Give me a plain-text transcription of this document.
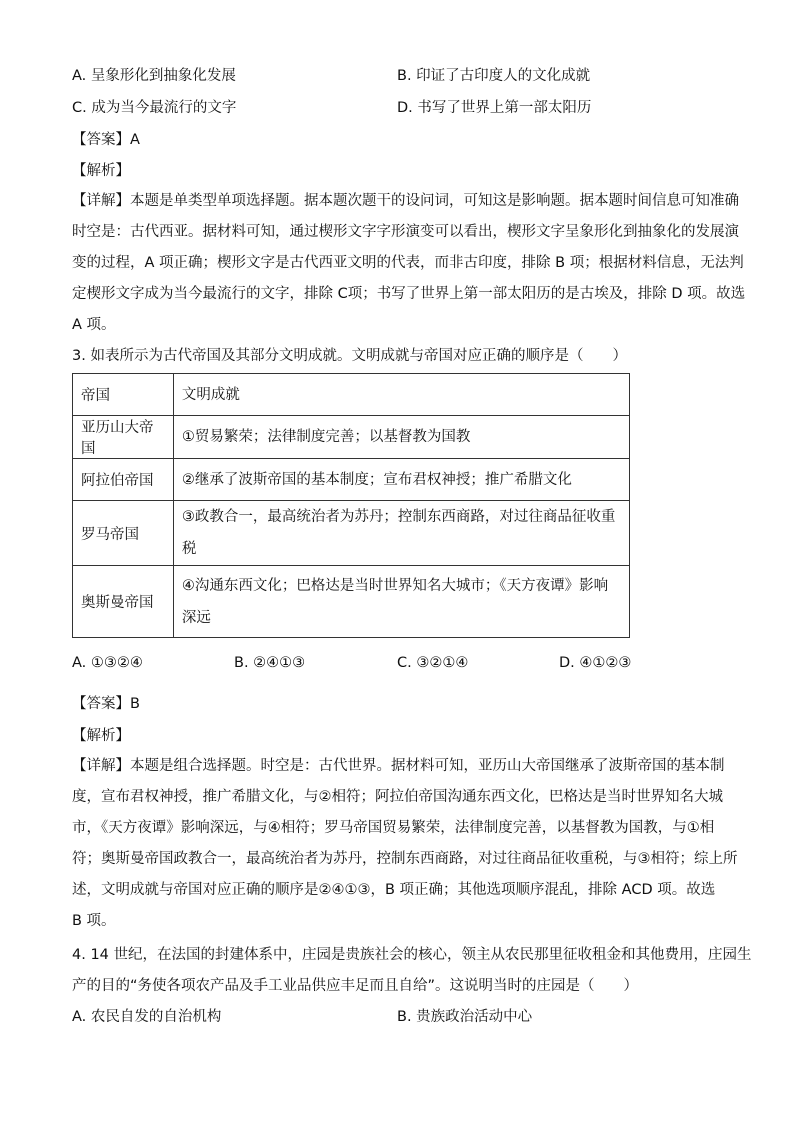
A. 呈象形化到抽象化发展	B. 印证了古印度人的文化成就
C. 成为当今最流行的文字	D. 书写了世界上第一部太阳历
【答案】A
【解析】
【详解】本题是单类型单项选择题。据本题次题干的设问词，可知这是影响题。据本题时间信息可知准确
时空是：古代西亚。据材料可知，通过楔形文字字形演变可以看出，楔形文字呈象形化到抽象化的发展演
变的过程，A 项正确；楔形文字是古代西亚文明的代表，而非古印度，排除 B 项；根据材料信息，无法判
定楔形文字成为当今最流行的文字，排除 C项；书写了世界上第一部太阳历的是古埃及，排除 D 项。故选
A 项。
3. 如表所示为古代帝国及其部分文明成就。文明成就与帝国对应正确的顺序是（　　）
帝国	文明成就
亚历山大帝国	①贸易繁荣；法律制度完善；以基督教为国教
阿拉伯帝国	②继承了波斯帝国的基本制度；宣布君权神授；推广希腊文化
罗马帝国	③政教合一，最高统治者为苏丹；控制东西商路，对过往商品征收重税
奥斯曼帝国	④沟通东西文化；巴格达是当时世界知名大城市；《天方夜谭》影响深远
A. ①③②④	B. ②④①③	C. ③②①④	D. ④①②③
【答案】B
【解析】
【详解】本题是组合选择题。时空是：古代世界。据材料可知，亚历山大帝国继承了波斯帝国的基本制
度，宣布君权神授，推广希腊文化，与②相符；阿拉伯帝国沟通东西文化，巴格达是当时世界知名大城
市，《天方夜谭》影响深远，与④相符；罗马帝国贸易繁荣，法律制度完善，以基督教为国教，与①相
符；奥斯曼帝国政教合一，最高统治者为苏丹，控制东西商路，对过往商品征收重税，与③相符；综上所
述，文明成就与帝国对应正确的顺序是②④①③，B 项正确；其他选项顺序混乱，排除 ACD 项。故选
B 项。
4. 14 世纪，在法国的封建体系中，庄园是贵族社会的核心，领主从农民那里征收租金和其他费用，庄园生
产的目的“务使各项农产品及手工业品供应丰足而且自给”。这说明当时的庄园是（　　）
A. 农民自发的自治机构	B. 贵族政治活动中心
